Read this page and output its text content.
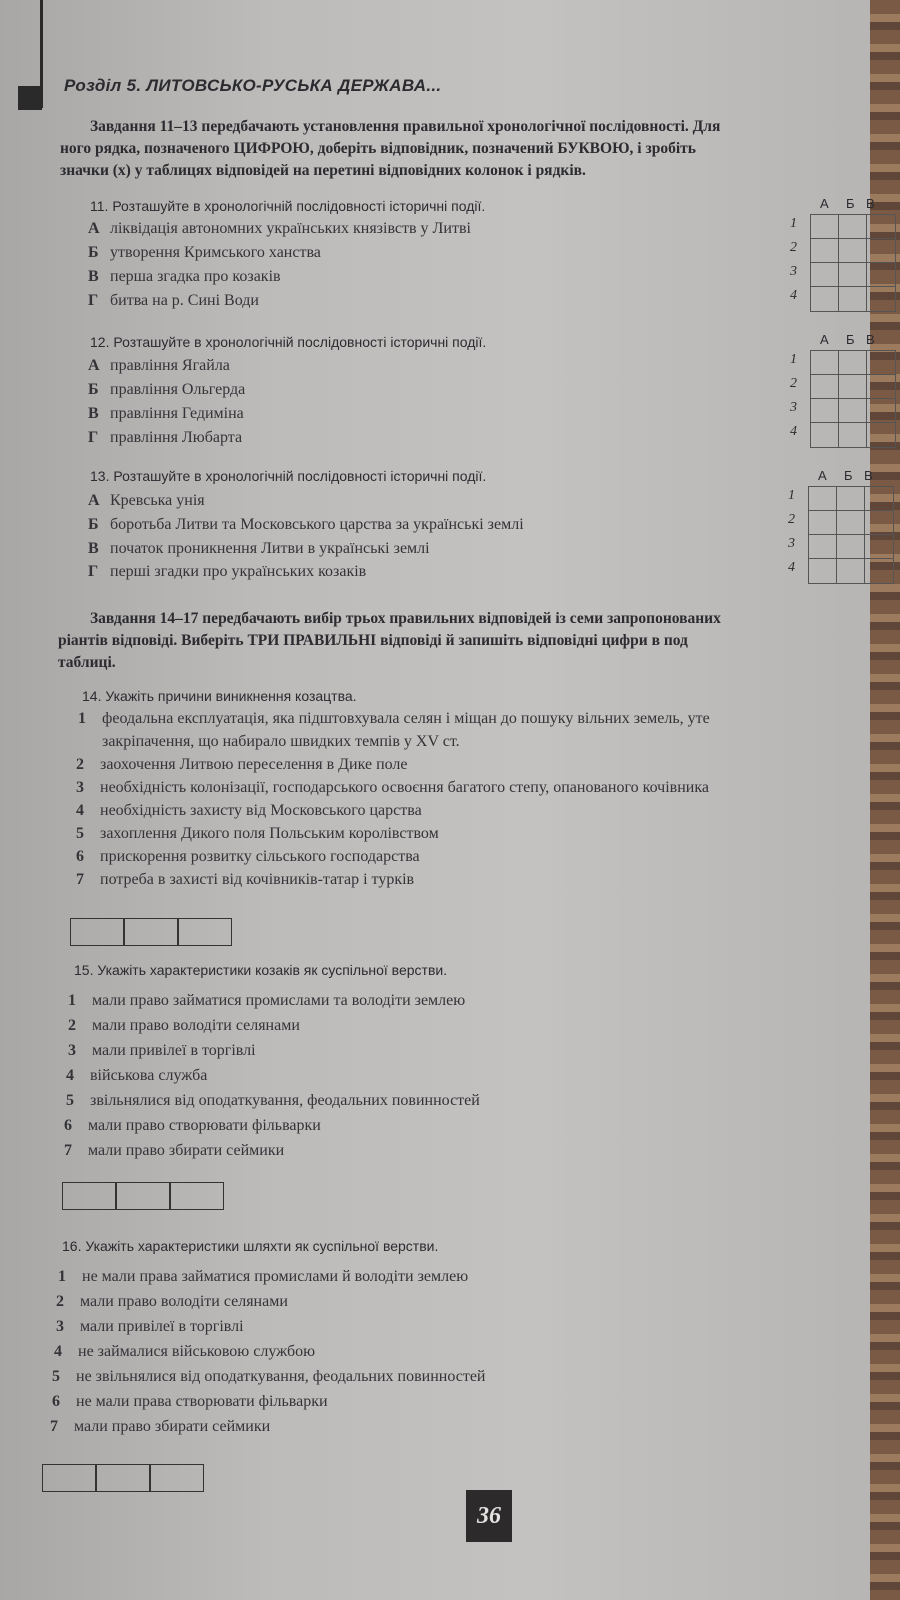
Розділ 5. ЛИТОВСЬКО-РУСЬКА ДЕРЖАВА...
Завдання 11–13 передбачають установлення правильної хронологічної послідовності. Для
ного рядка, позначеного ЦИФРОЮ, доберіть відповідник, позначений БУКВОЮ, і зробіть
значки (х) у таблицях відповідей на перетині відповідних колонок і рядків.
11. Розташуйте в хронологічній послідовності історичні події.
А ліквідація автономних українських князівств у Литві
Б утворення Кримського ханства
В перша згадка про козаків
Г битва на р. Сині Води
А Б В
1
2
3
4
12. Розташуйте в хронологічній послідовності історичні події.
А правління Ягайла
Б правління Ольгерда
В правління Гедиміна
Г правління Любарта
А Б В
1
2
3
4
13. Розташуйте в хронологічній послідовності історичні події.
А Кревська унія
Б боротьба Литви та Московського царства за українські землі
В початок проникнення Литви в українські землі
Г перші згадки про українських козаків
А Б В
1
2
3
4
Завдання 14–17 передбачають вибір трьох правильних відповідей із семи запропонованих
ріантів відповіді. Виберіть ТРИ ПРАВИЛЬНІ відповіді й запишіть відповідні цифри в под
таблиці.
14. Укажіть причини виникнення козацтва.
1 феодальна експлуатація, яка підштовхувала селян і міщан до пошуку вільних земель, уте
закріпачення, що набирало швидких темпів у XV ст.
2 заохочення Литвою переселення в Дике поле
3 необхідність колонізації, господарського освоєння багатого степу, опанованого кочівника
4 необхідність захисту від Московського царства
5 захоплення Дикого поля Польським королівством
6 прискорення розвитку сільського господарства
7 потреба в захисті від кочівників-татар і турків
15. Укажіть характеристики козаків як суспільної верстви.
1 мали право займатися промислами та володіти землею
2 мали право володіти селянами
3 мали привілеї в торгівлі
4 військова служба
5 звільнялися від оподаткування, феодальних повинностей
6 мали право створювати фільварки
7 мали право збирати сеймики
16. Укажіть характеристики шляхти як суспільної верстви.
1 не мали права займатися промислами й володіти землею
2 мали право володіти селянами
3 мали привілеї в торгівлі
4 не займалися військовою службою
5 не звільнялися від оподаткування, феодальних повинностей
6 не мали права створювати фільварки
7 мали право збирати сеймики
36
